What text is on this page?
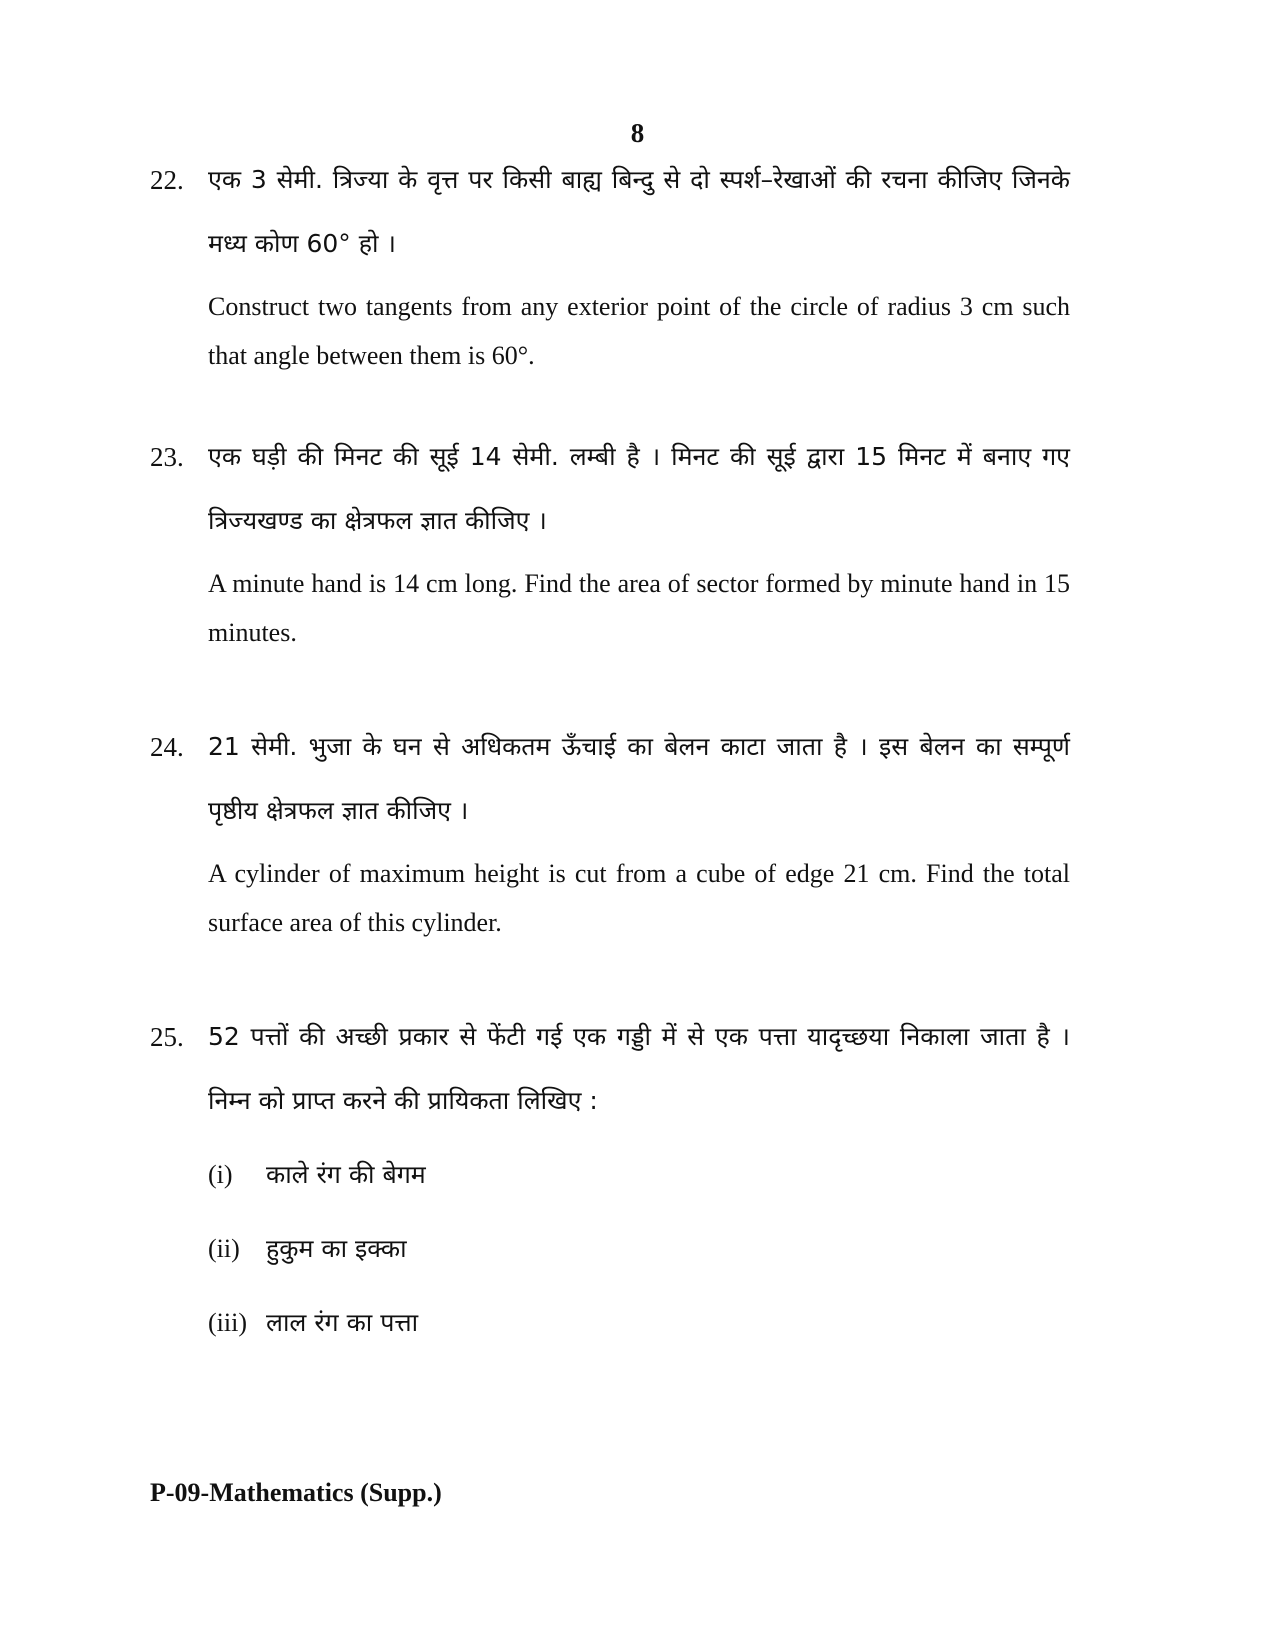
8
22. एक 3 सेमी. त्रिज्या के वृत्त पर किसी बाह्य बिन्दु से दो स्पर्श–रेखाओं की रचना कीजिए जिनके मध्य कोण 60° हो ।

Construct two tangents from any exterior point of the circle of radius 3 cm such that angle between them is 60°.

23. एक घड़ी की मिनट की सूई 14 सेमी. लम्बी है । मिनट की सूई द्वारा 15 मिनट में बनाए गए त्रिज्यखण्ड का क्षेत्रफल ज्ञात कीजिए ।

A minute hand is 14 cm long. Find the area of sector formed by minute hand in 15 minutes.

24. 21 सेमी. भुजा के घन से अधिकतम ऊँचाई का बेलन काटा जाता है । इस बेलन का सम्पूर्ण पृष्ठीय क्षेत्रफल ज्ञात कीजिए ।

A cylinder of maximum height is cut from a cube of edge 21 cm. Find the total surface area of this cylinder.

25. 52 पत्तों की अच्छी प्रकार से फेंटी गई एक गड्डी में से एक पत्ता यादृच्छया निकाला जाता है । निम्न को प्राप्त करने की प्रायिकता लिखिए :

(i) काले रंग की बेगम
(ii) हुकुम का इक्का
(iii) लाल रंग का पत्ता
P-09-Mathematics (Supp.)
